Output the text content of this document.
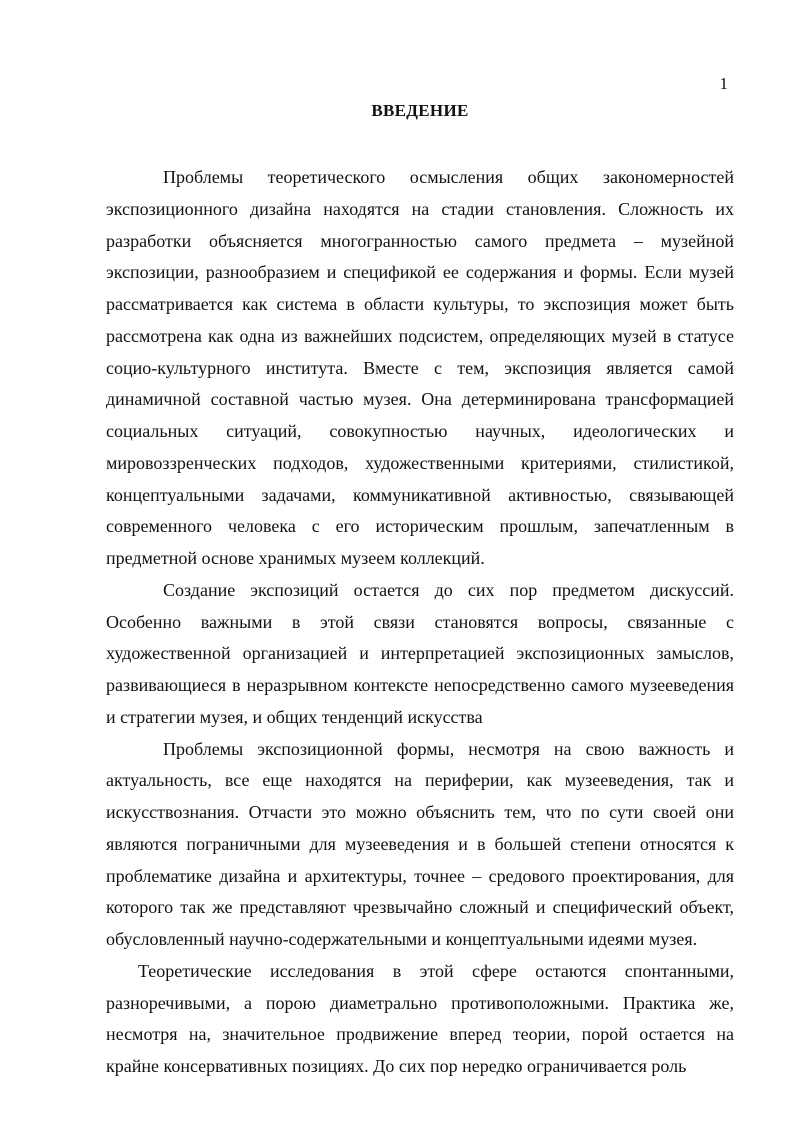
1
ВВЕДЕНИЕ

Проблемы теоретического осмысления общих закономерностей экспозиционного дизайна находятся на стадии становления. Сложность их разработки объясняется многогранностью самого предмета – музейной экспозиции, разнообразием и спецификой ее содержания и формы. Если музей рассматривается как система в области культуры, то экспозиция может быть рассмотрена как одна из важнейших подсистем, определяющих музей в статусе социо-культурного института. Вместе с тем, экспозиция является самой динамичной составной частью музея. Она детерминирована трансформацией социальных ситуаций, совокупностью научных, идеологических и мировоззренческих подходов, художественными критериями, стилистикой, концептуальными задачами, коммуникативной активностью, связывающей современного человека с его историческим прошлым, запечатленным в предметной основе хранимых музеем коллекций.

Создание экспозиций остается до сих пор предметом дискуссий. Особенно важными в этой связи становятся вопросы, связанные с художественной организацией и интерпретацией экспозиционных замыслов, развивающиеся в неразрывном контексте непосредственно самого музееведения и стратегии музея, и общих тенденций искусства

Проблемы экспозиционной формы, несмотря на свою важность и актуальность, все еще находятся на периферии, как музееведения, так и искусствознания. Отчасти это можно объяснить тем, что по сути своей они являются пограничными для музееведения и в большей степени относятся к проблематике дизайна и архитектуры, точнее – средового проектирования, для которого так же представляют чрезвычайно сложный и специфический объект, обусловленный научно-содержательными и концептуальными идеями музея.

Теоретические исследования в этой сфере остаются спонтанными, разноречивыми, а порою диаметрально противоположными. Практика же, несмотря на, значительное продвижение вперед теории, порой остается на крайне консервативных позициях. До сих пор нередко ограничивается роль
